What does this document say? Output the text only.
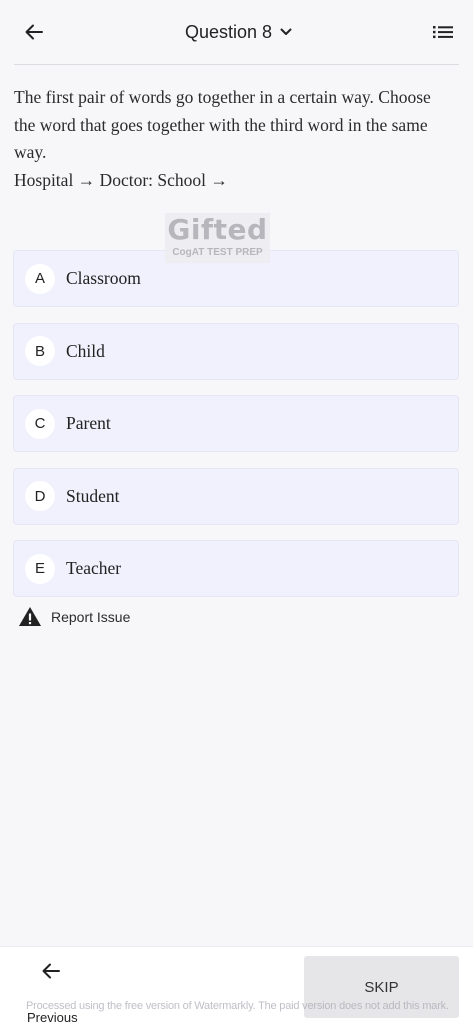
Question 8

The first pair of words go together in a certain way. Choose the word that goes together with the third word in the same way.

Hospital → Doctor: School →

A	Classroom
B	Child
C	Parent
D	Student
E	Teacher
Gifted
CogAT TEST PREP
Report Issue
Previous
SKIP
Processed using the free version of Watermarkly. The paid version does not add this mark.
